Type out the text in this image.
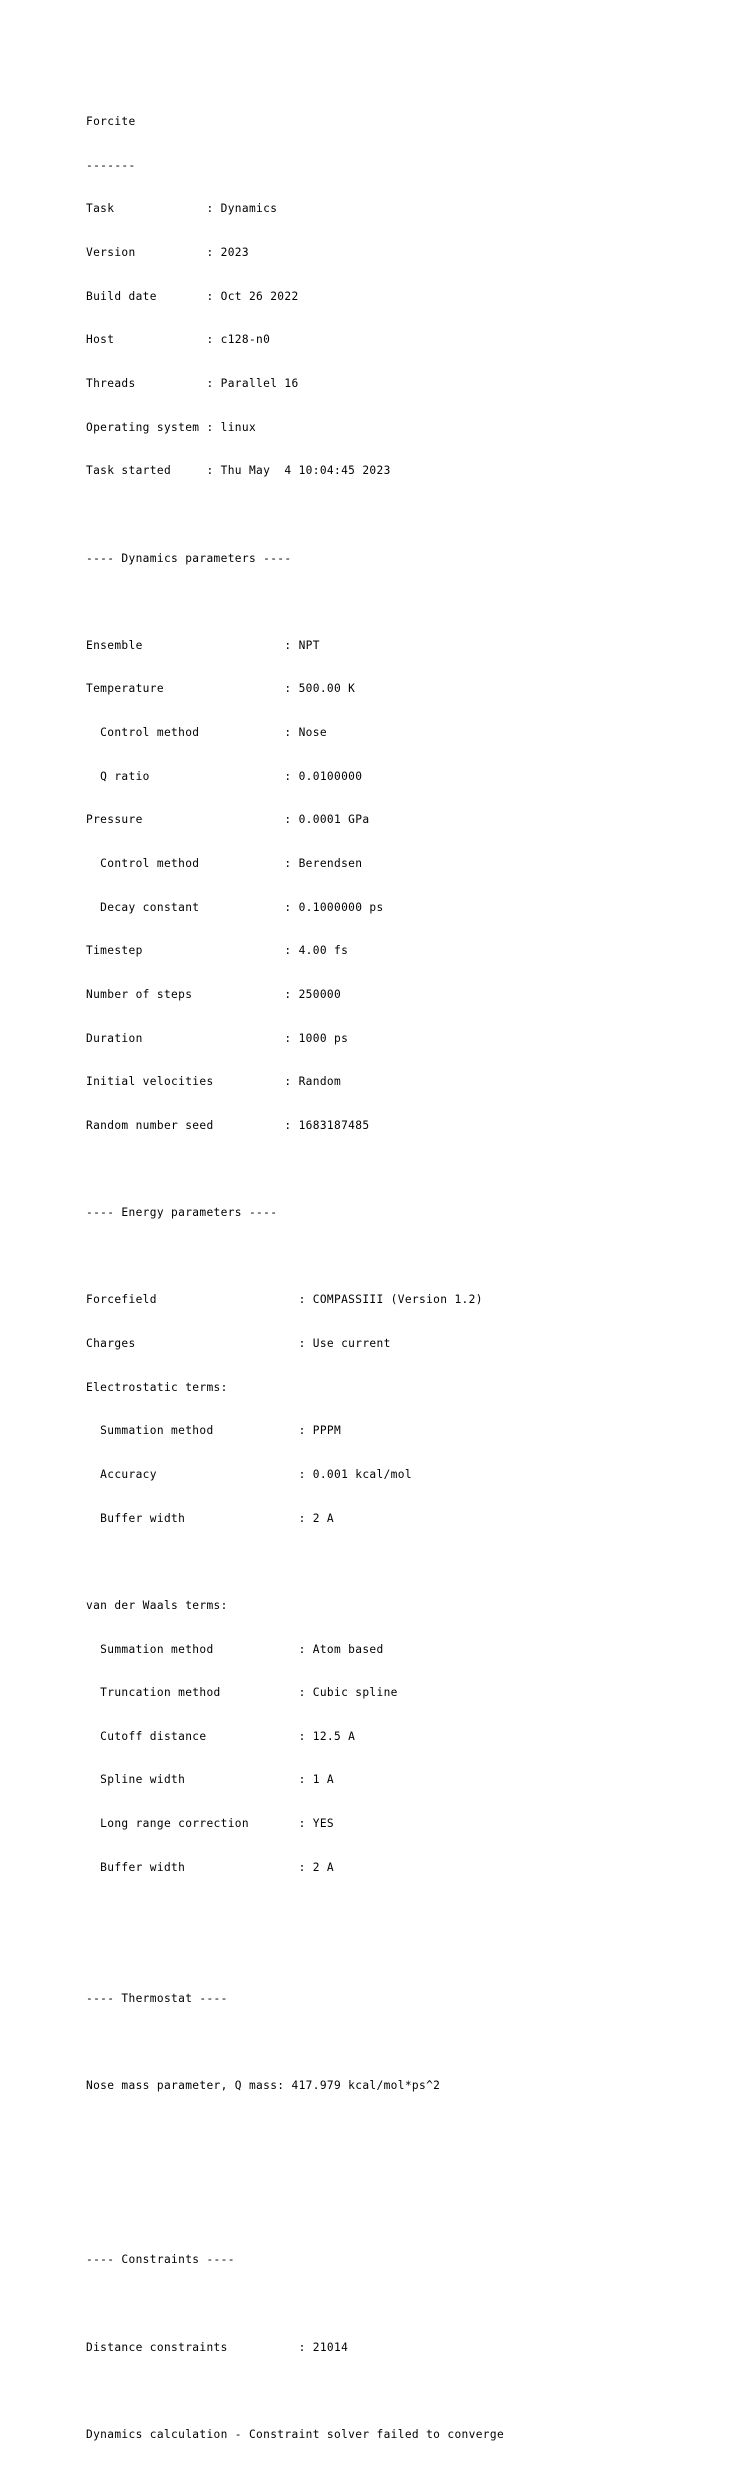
Forcite

-------

Task             : Dynamics

Version          : 2023

Build date       : Oct 26 2022

Host             : c128-n0

Threads          : Parallel 16

Operating system : linux

Task started     : Thu May  4 10:04:45 2023

---- Dynamics parameters ----

Ensemble                    : NPT

Temperature                 : 500.00 K

Control method            : Nose

Q ratio                   : 0.0100000

Pressure                    : 0.0001 GPa

Control method            : Berendsen

Decay constant            : 0.1000000 ps

Timestep                    : 4.00 fs

Number of steps             : 250000

Duration                    : 1000 ps

Initial velocities          : Random

Random number seed          : 1683187485

---- Energy parameters ----

Forcefield                    : COMPASSIII (Version 1.2)

Charges                       : Use current

Electrostatic terms:

Summation method            : PPPM

Accuracy                    : 0.001 kcal/mol

Buffer width                : 2 A

van der Waals terms:

Summation method            : Atom based

Truncation method           : Cubic spline

Cutoff distance             : 12.5 A

Spline width                : 1 A

Long range correction       : YES

Buffer width                : 2 A

---- Thermostat ----

Nose mass parameter, Q mass: 417.979 kcal/mol*ps^2

---- Constraints ----

Distance constraints          : 21014

Dynamics calculation - Constraint solver failed to converge
